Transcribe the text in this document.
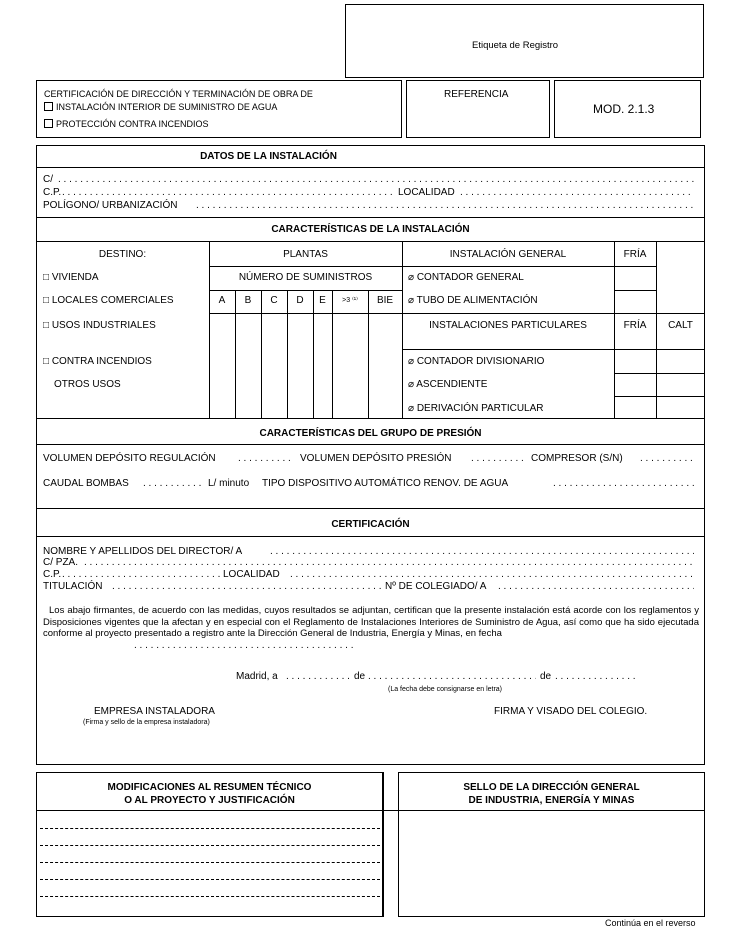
Etiqueta de Registro
CERTIFICACIÓN DE DIRECCIÓN Y TERMINACIÓN DE OBRA DE
INSTALACIÓN INTERIOR DE SUMINISTRO DE AGUA
PROTECCIÓN CONTRA INCENDIOS
REFERENCIA
MOD. 2.1.3
DATOS DE LA INSTALACIÓN
C/
. . .
C.P. . . .	LOCALIDAD
. . .
POLÍGONO/ URBANIZACIÓN
. . .
CARACTERÍSTICAS DE LA INSTALACIÓN
DESTINO:	PLANTAS	INSTALACIÓN GENERAL	FRÍA
□ VIVIENDA	NÚMERO DE SUMINISTROS	⌀ CONTADOR GENERAL
□ LOCALES COMERCIALES	A	B	C	D	E	>3 ⁽¹⁾	BIE	⌀ TUBO DE ALIMENTACIÓN
□ USOS INDUSTRIALES	INSTALACIONES PARTICULARES	FRÍA	CALT
□ CONTRA INCENDIOS	⌀ CONTADOR DIVISIONARIO
OTROS USOS	⌀ ASCENDIENTE
⌀ DERIVACIÓN PARTICULAR
CARACTERÍSTICAS DEL GRUPO DE PRESIÓN
VOLUMEN DEPÓSITO REGULACIÓN . . .	VOLUMEN DEPÓSITO PRESIÓN . . .	COMPRESOR (S/N)
. . .
CAUDAL BOMBAS . . .	L/ minuto TIPO DISPOSITIVO AUTOMÁTICO RENOV. DE AGUA
. . .
CERTIFICACIÓN
NOMBRE Y APELLIDOS DEL DIRECTOR/ A
. . .
C/ PZA.
. . .
C.P. . . .	LOCALIDAD
. . .
TITULACIÓN . . .	Nº DE COLEGIADO/ A
. . .
Los abajo firmantes, de acuerdo con las medidas, cuyos resultados se adjuntan, certifican que la presente instalación está acorde con los reglamentos y Disposiciones vigentes que la afectan y en especial con el Reglamento de Instalaciones Interiores de Suministro de Agua, así como que ha sido ejecutada conforme al proyecto presentado a registro ante la Dirección General de Industria, Energía y Minas, en fecha
. . .
Madrid, a . . .	de . . .	de
. . .
(La fecha debe consignarse en letra)
EMPRESA INSTALADORA
(Firma y sello de la empresa instaladora)
FIRMA Y VISADO DEL COLEGIO.
MODIFICACIONES AL RESUMEN TÉCNICO
O AL PROYECTO Y JUSTIFICACIÓN
SELLO DE LA DIRECCIÓN GENERAL
DE INDUSTRIA, ENERGÍA Y MINAS
Continúa en el reverso
